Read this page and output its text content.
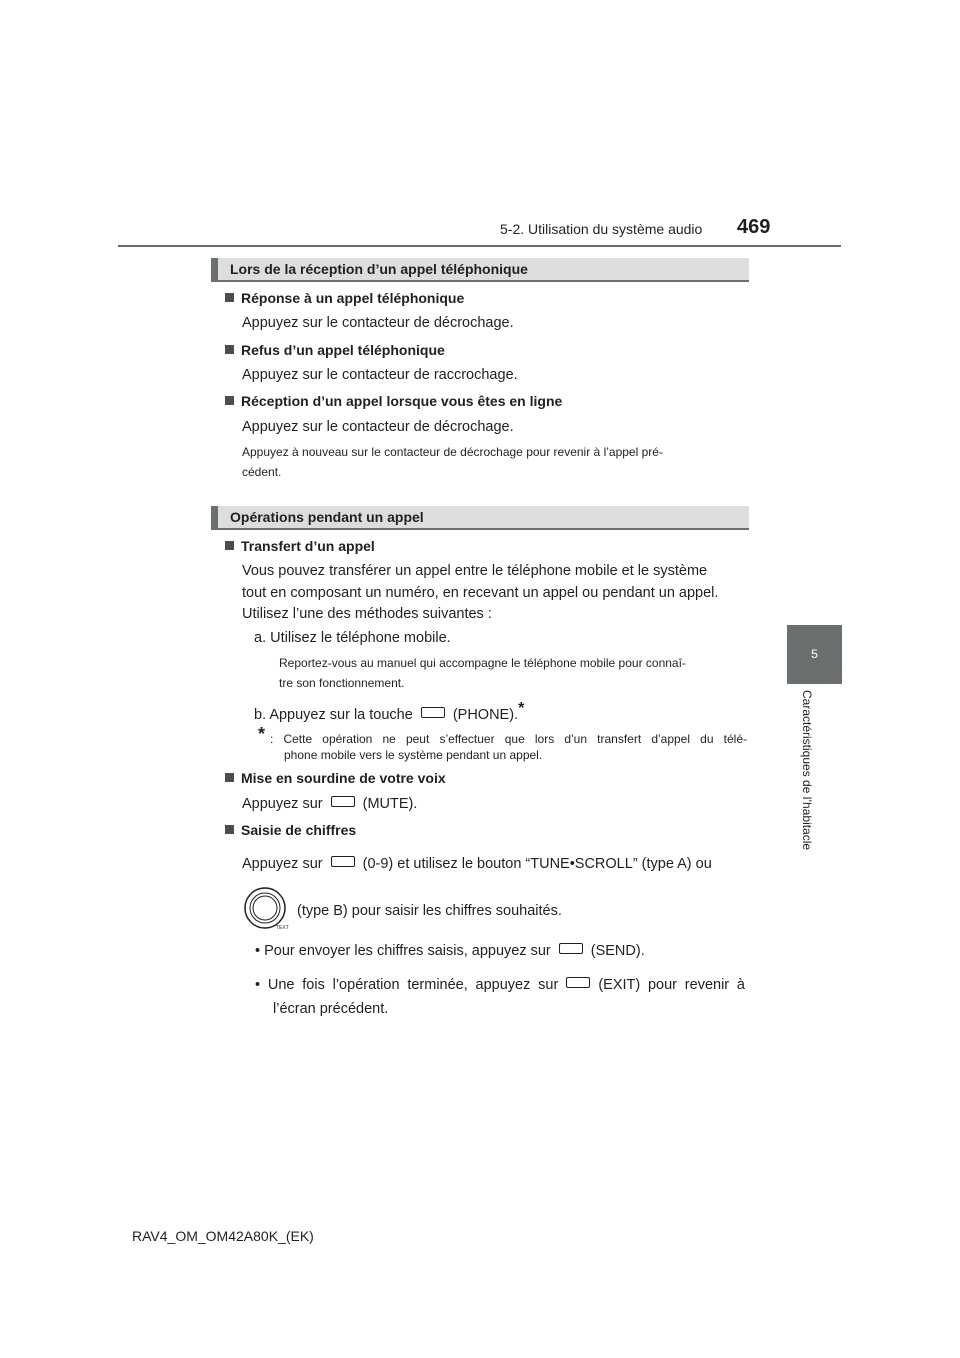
5-2. Utilisation du système audio 469
5
Caractéristiques de l’habitacle
Lors de la réception d’un appel téléphonique
Réponse à un appel téléphonique
Appuyez sur le contacteur de décrochage.
Refus d’un appel téléphonique
Appuyez sur le contacteur de raccrochage.
Réception d’un appel lorsque vous êtes en ligne
Appuyez sur le contacteur de décrochage.
Appuyez à nouveau sur le contacteur de décrochage pour revenir à l’appel pré-
cédent.
Opérations pendant un appel
Transfert d’un appel
Vous pouvez transférer un appel entre le téléphone mobile et le système
tout en composant un numéro, en recevant un appel ou pendant un appel.
Utilisez l’une des méthodes suivantes :
a. Utilisez le téléphone mobile.
Reportez-vous au manuel qui accompagne le téléphone mobile pour connaî-
tre son fonctionnement.
b. Appuyez sur la touche	(PHONE).*
* : Cette opération ne peut s’effectuer que lors d’un transfert d’appel du télé-
phone mobile vers le système pendant un appel.
Mise en sourdine de votre voix
Appuyez sur	(MUTE).
Saisie de chiffres
Appuyez sur	(0-9) et utilisez le bouton “TUNE•SCROLL” (type A) ou
TEXT
(type B) pour saisir les chiffres souhaités.
• Pour envoyer les chiffres saisis, appuyez sur	(SEND).
• Une fois l’opération terminée, appuyez sur	(EXIT) pour revenir à
l’écran précédent.
RAV4_OM_OM42A80K_(EK)
